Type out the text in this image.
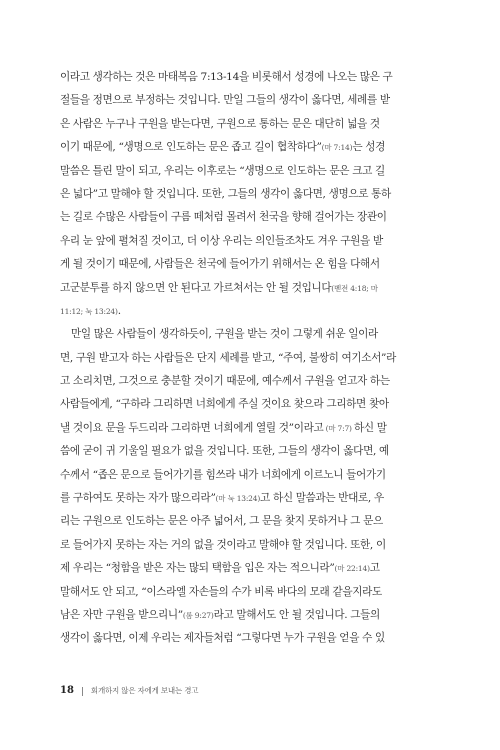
이라고 생각하는 것은 마태복음 7:13-14을 비롯해서 성경에 나오는 많은 구
절들을 정면으로 부정하는 것입니다. 만일 그들의 생각이 옳다면, 세례를 받
은 사람은 누구나 구원을 받는다면, 구원으로 통하는 문은 대단히 넓을 것
이기 때문에, “생명으로 인도하는 문은 좁고 길이 협착하다”(마 7:14)는 성경
말씀은 틀린 말이 되고, 우리는 이후로는 “생명으로 인도하는 문은 크고 길
은 넓다”고 말해야 할 것입니다. 또한, 그들의 생각이 옳다면, 생명으로 통하
는 길로 수많은 사람들이 구름 떼처럼 몰려서 천국을 향해 걸어가는 장관이
우리 눈 앞에 펼쳐질 것이고, 더 이상 우리는 의인들조차도 겨우 구원을 받
게 될 것이기 때문에, 사람들은 천국에 들어가기 위해서는 온 힘을 다해서
고군분투를 하지 않으면 안 된다고 가르쳐서는 안 될 것입니다(벧전 4:18; 마
11:12; 눅 13:24).
만일 많은 사람들이 생각하듯이, 구원을 받는 것이 그렇게 쉬운 일이라
면, 구원 받고자 하는 사람들은 단지 세례를 받고, “주여, 불쌍히 여기소서”라
고 소리치면, 그것으로 충분할 것이기 때문에, 예수께서 구원을 얻고자 하는
사람들에게, “구하라 그리하면 너희에게 주실 것이요 찾으라 그리하면 찾아
낼 것이요 문을 두드리라 그리하면 너희에게 열릴 것”이라고 (마 7:7) 하신 말
씀에 굳이 귀 기울일 필요가 없을 것입니다. 또한, 그들의 생각이 옳다면, 예
수께서 “좁은 문으로 들어가기를 힘쓰라 내가 너희에게 이르노니 들어가기
를 구하여도 못하는 자가 많으리라”(마 눅 13:24)고 하신 말씀과는 반대로, 우
리는 구원으로 인도하는 문은 아주 넓어서, 그 문을 찾지 못하거나 그 문으
로 들어가지 못하는 자는 거의 없을 것이라고 말해야 할 것입니다. 또한, 이
제 우리는 “청함을 받은 자는 많되 택함을 입은 자는 적으니라”(마 22:14)고
말해서도 안 되고, “이스라엘 자손들의 수가 비록 바다의 모래 같을지라도
남은 자만 구원을 받으리니”(롬 9:27)라고 말해서도 안 될 것입니다. 그들의
생각이 옳다면, 이제 우리는 제자들처럼 “그렇다면 누가 구원을 얻을 수 있
18 회개하지 않은 자에게 보내는 경고
